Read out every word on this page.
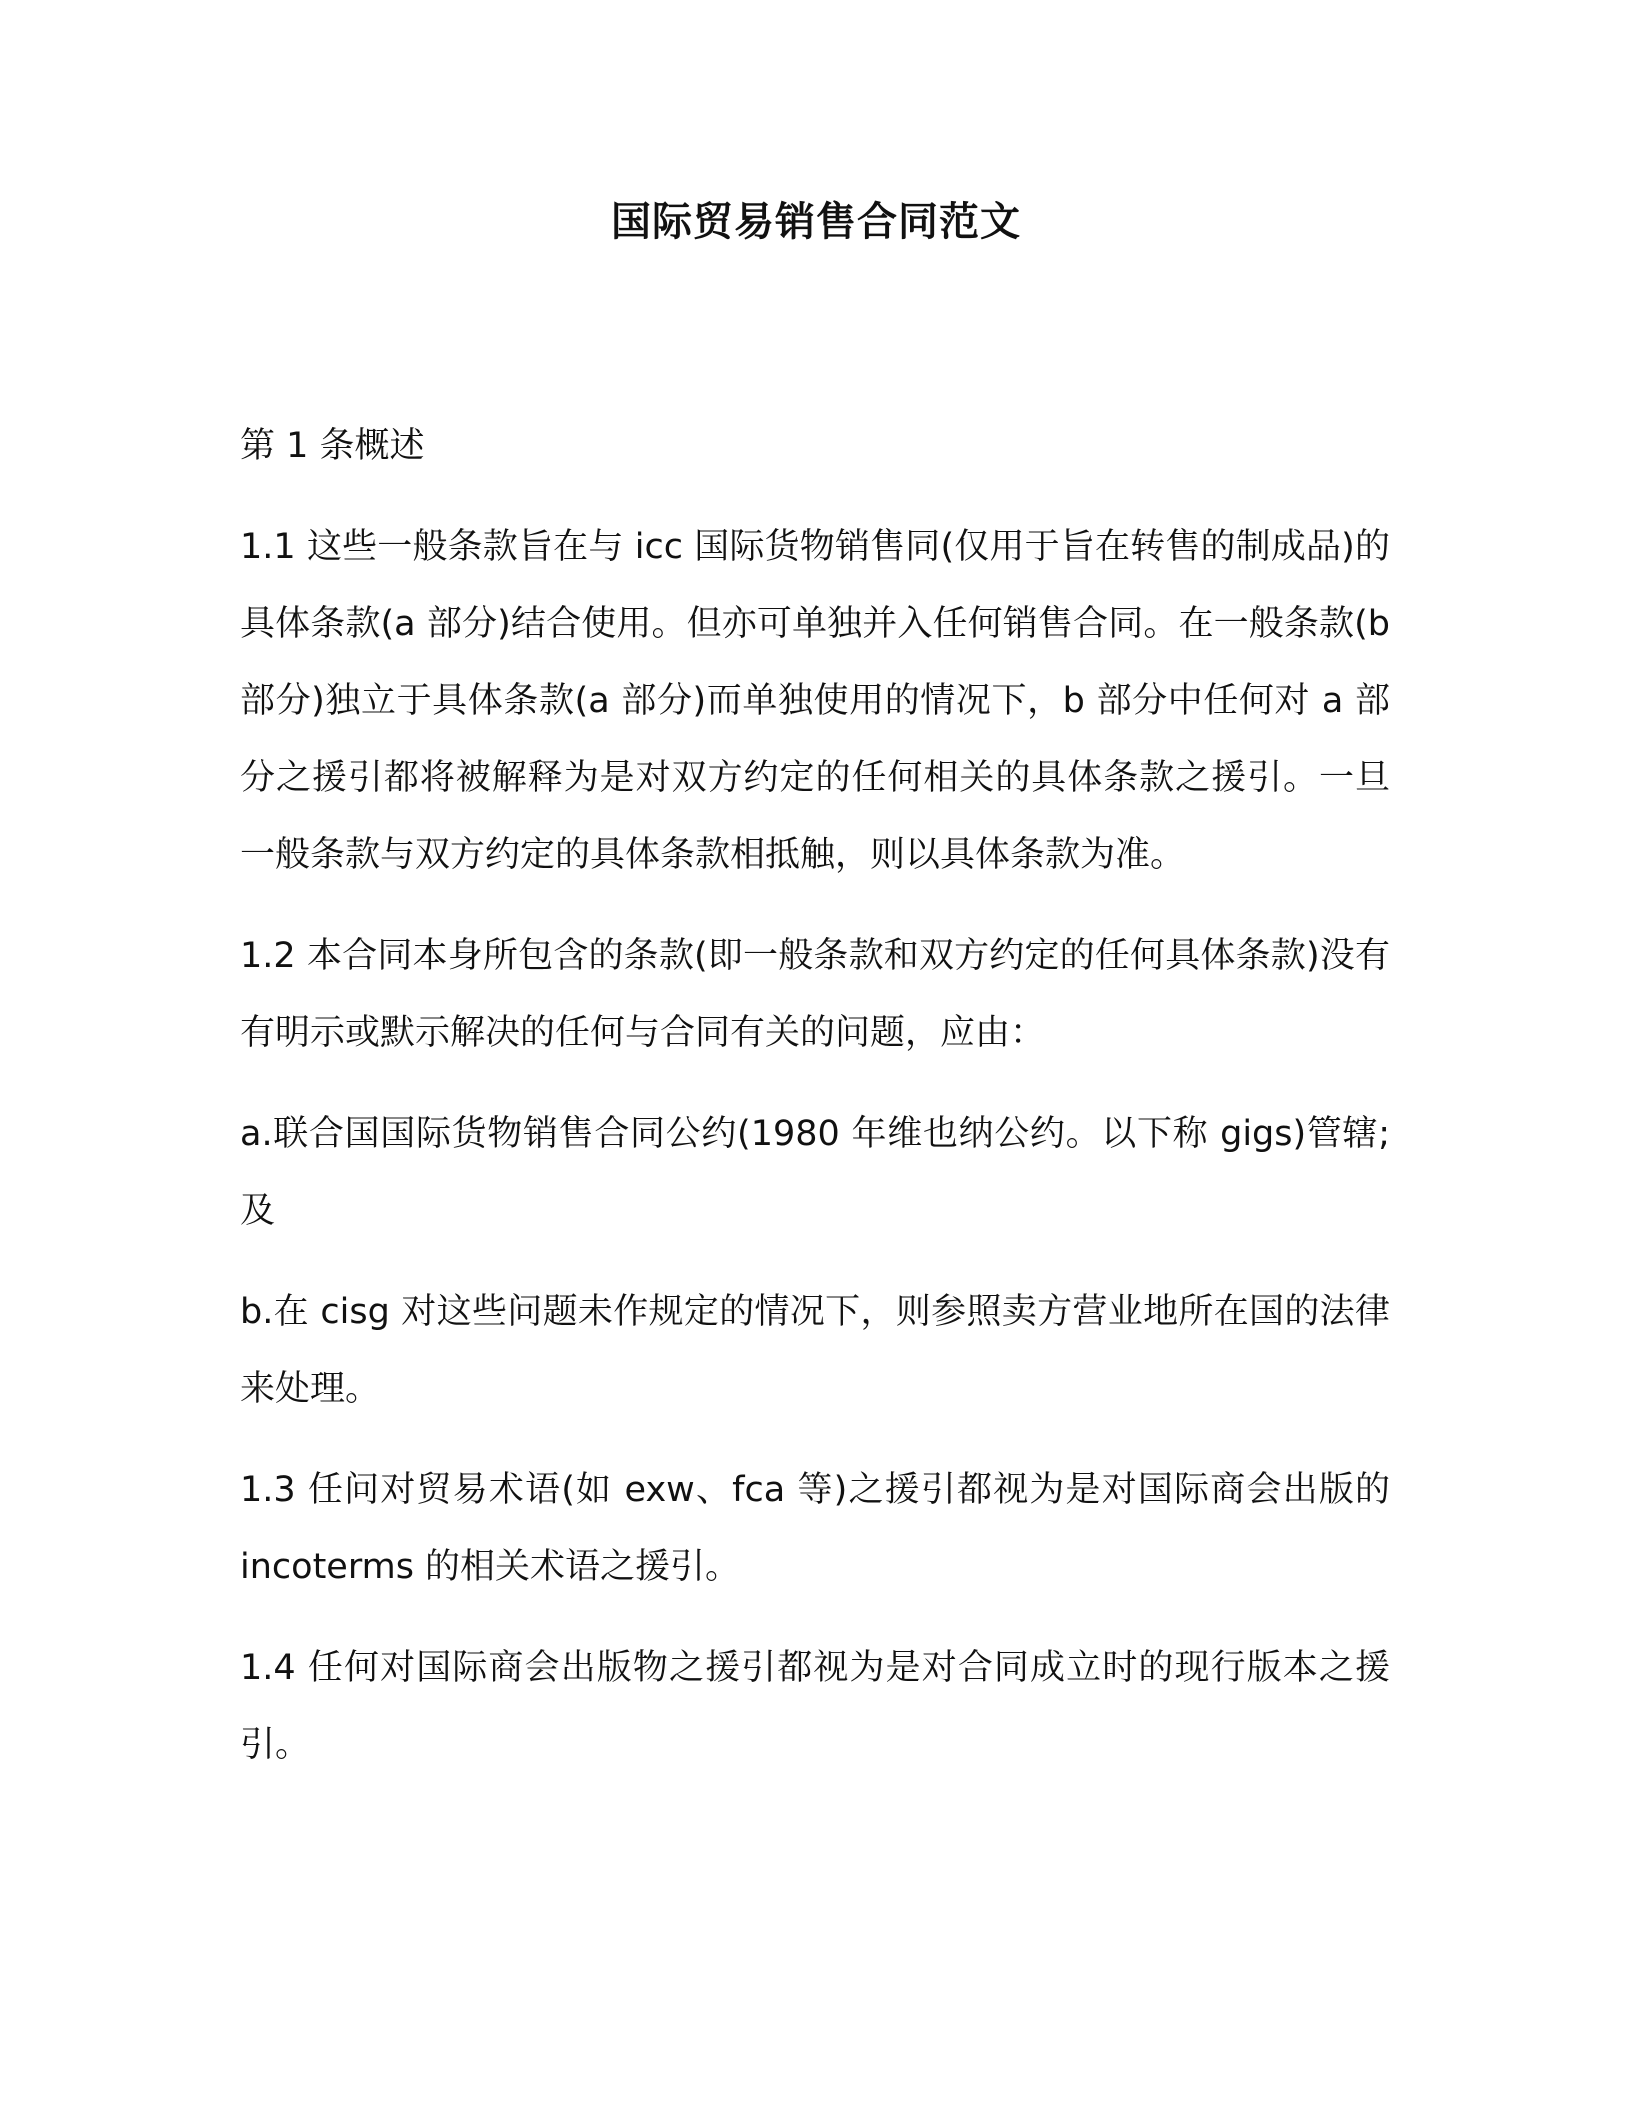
国际贸易销售合同范文
第 1 条概述

1.1 这些一般条款旨在与 icc 国际货物销售同(仅用于旨在转售的制成品)的具体条款(a 部分)结合使用。但亦可单独并入任何销售合同。在一般条款(b 部分)独立于具体条款(a 部分)而单独使用的情况下，b 部分中任何对 a 部分之援引都将被解释为是对双方约定的任何相关的具体条款之援引。一旦一般条款与双方约定的具体条款相抵触，则以具体条款为准。

1.2 本合同本身所包含的条款(即一般条款和双方约定的任何具体条款)没有有明示或默示解决的任何与合同有关的问题，应由：

a.联合国国际货物销售合同公约(1980 年维也纳公约。以下称 gigs)管辖;及

b.在 cisg 对这些问题未作规定的情况下，则参照卖方营业地所在国的法律来处理。

1.3 任问对贸易术语(如 exw、fca 等)之援引都视为是对国际商会出版的 incoterms 的相关术语之援引。

1.4 任何对国际商会出版物之援引都视为是对合同成立时的现行版本之援引。
